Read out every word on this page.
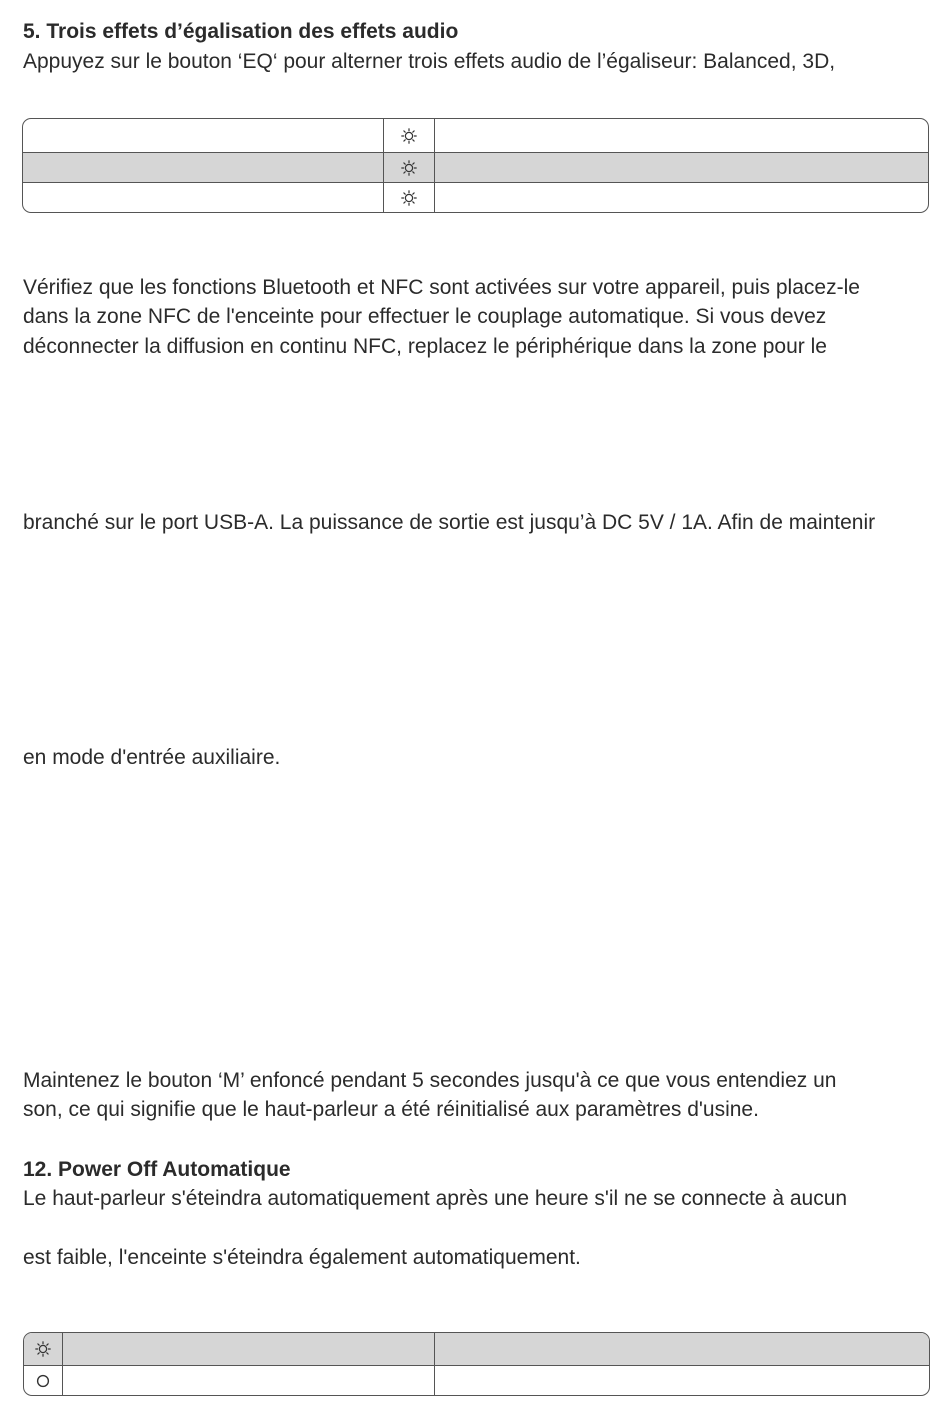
5. Trois effets d’égalisation des effets audio

Appuyez sur le bouton ‘EQ‘ pour alterner trois effets audio de l’égaliseur: Balanced, 3D,

Vérifiez que les fonctions Bluetooth et NFC sont activées sur votre appareil, puis placez-le

dans la zone NFC de l'enceinte pour effectuer le couplage automatique. Si vous devez

déconnecter la diffusion en continu NFC, replacez le périphérique dans la zone pour le

branché sur le port USB-A. La puissance de sortie est jusqu’à DC 5V / 1A. Afin de maintenir

en mode d'entrée auxiliaire.

Maintenez le bouton ‘M’ enfoncé pendant 5 secondes jusqu'à ce que vous entendiez un

son, ce qui signifie que le haut-parleur a été réinitialisé aux paramètres d'usine.

12. Power Off Automatique

Le haut-parleur s'éteindra automatiquement après une heure s'il ne se connecte à aucun

est faible, l'enceinte s'éteindra également automatiquement.
